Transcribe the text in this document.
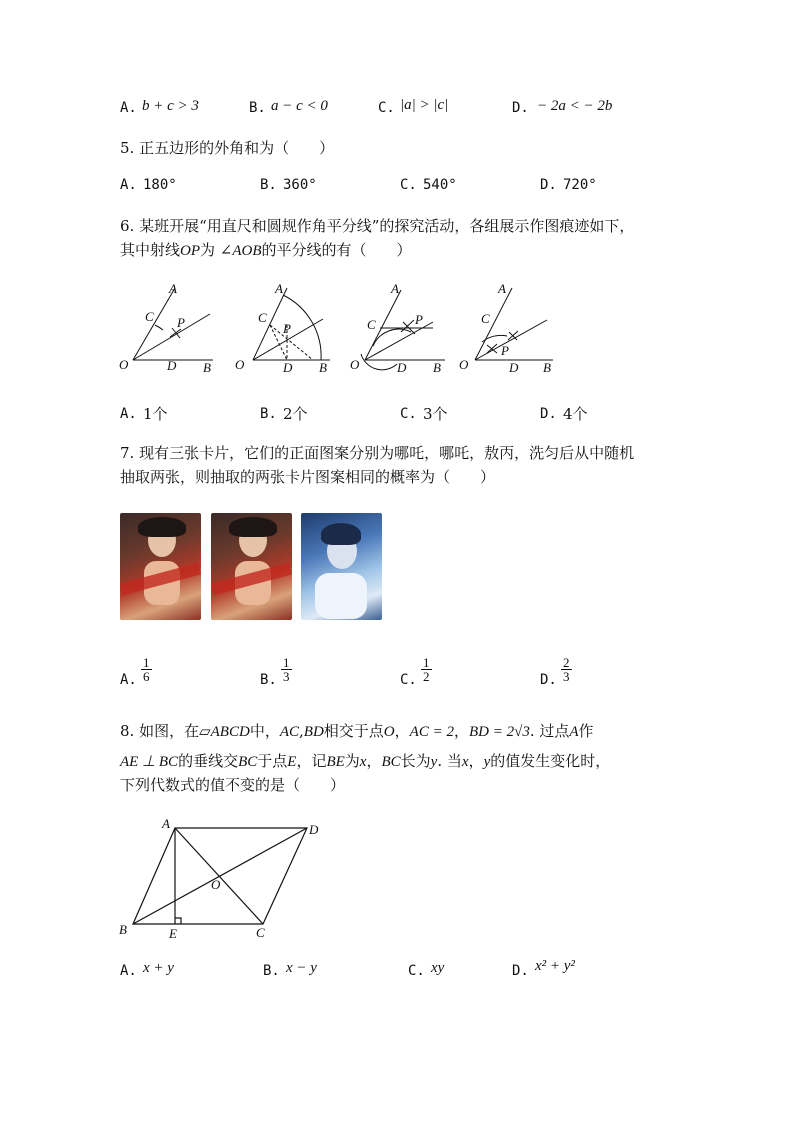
A. b + c > 3	B. a − c < 0	C. |a| > |c|	D. − 2a < − 2b
5. 正五边形的外角和为（　　）
A. 180°	B. 360°	C. 540°	D. 720°
6. 某班开展“用直尺和圆规作角平分线”的探究活动，各组展示作图痕迹如下，
其中射线OP为 ∠AOB的平分线的有（　　）
O	D B
C
A
P
O	D B
C
A
P
O	D B
C
A
P
O	D B
C
A
P
A. 1个	B. 2个	C. 3个	D. 4个
7. 现有三张卡片，它们的正面图案分别为哪吒，哪吒，敖丙，洗匀后从中随机
抽取两张，则抽取的两张卡片图案相同的概率为（　　）
A. $\frac{1}{6}$	B. $\frac{1}{3}$	C. $\frac{1}{2}$	D. $\frac{2}{3}$
8. 如图，在▱ABCD中，AC,BD相交于点O，AC = 2，BD = 2√3. 过点A作
AE ⊥ BC的垂线交BC于点E，记BE为x，BC长为y. 当x，y的值发生变化时，
下列代数式的值不变的是（　　）
A
B	C
D
E
O
A. x + y	B. x − y	C. xy	D. x² + y²
